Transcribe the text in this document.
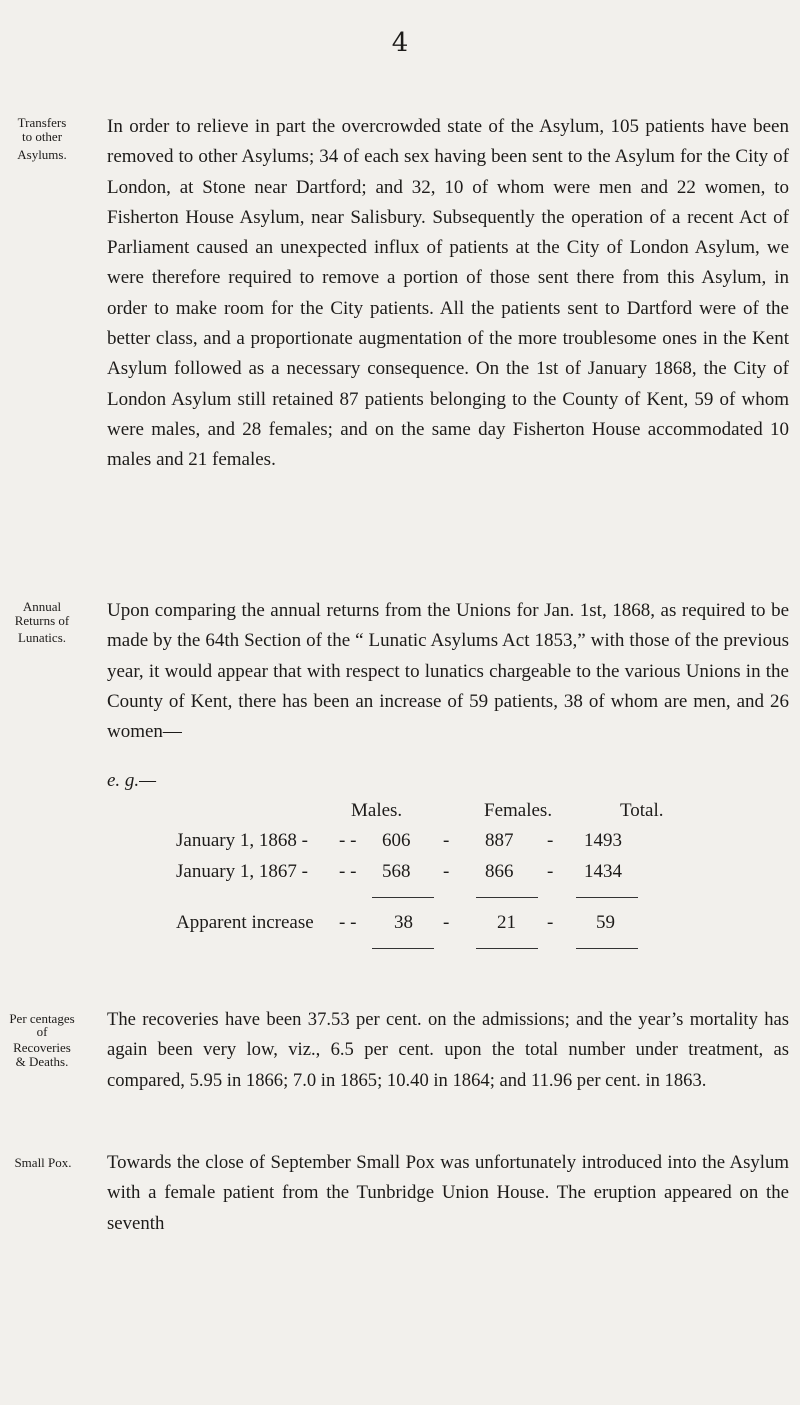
4
Transfers
to other
Asylums.
In order to relieve in part the overcrowded state of the Asylum, 105 patients have been removed to other Asylums; 34 of each sex having been sent to the Asylum for the City of London, at Stone near Dartford; and 32, 10 of whom were men and 22 women, to Fisherton House Asylum, near Salisbury. Subsequently the operation of a recent Act of Parliament caused an unexpected influx of patients at the City of London Asylum, we were therefore required to remove a portion of those sent there from this Asylum, in order to make room for the City patients. All the patients sent to Dartford were of the better class, and a proportionate augmentation of the more troublesome ones in the Kent Asylum followed as a necessary consequence. On the 1st of January 1868, the City of London Asylum still retained 87 patients belonging to the County of Kent, 59 of whom were males, and 28 females; and on the same day Fisherton House accommodated 10 males and 21 females.
Annual
Returns of
Lunatics.
Upon comparing the annual returns from the Unions for Jan. 1st, 1868, as required to be made by the 64th Section of the “ Lunatic Asylums Act 1853,” with those of the previous year, it would appear that with respect to lunatics chargeable to the various Unions in the County of Kent, there has been an increase of 59 patients, 38 of whom are men, and 26 women—
e. g.—
Males.	Females.	Total.
January 1, 1868 - - - 606 - 887 - 1493
January 1, 1867 - - - 568 - 866 - 1434
Apparent increase - - 38 -	21 - 59
Per centages
of
Recoveries
& Deaths.
The recoveries have been 37.53 per cent. on the admissions; and the year’s mortality has again been very low, viz., 6.5 per cent. upon the total number under treatment, as compared, 5.95 in 1866; 7.0 in 1865; 10.40 in 1864; and 11.96 per cent. in 1863.
Small Pox.	Towards the close of September Small Pox was unfortunately introduced into the Asylum with a female patient from the Tunbridge Union House. The eruption appeared on the seventh
